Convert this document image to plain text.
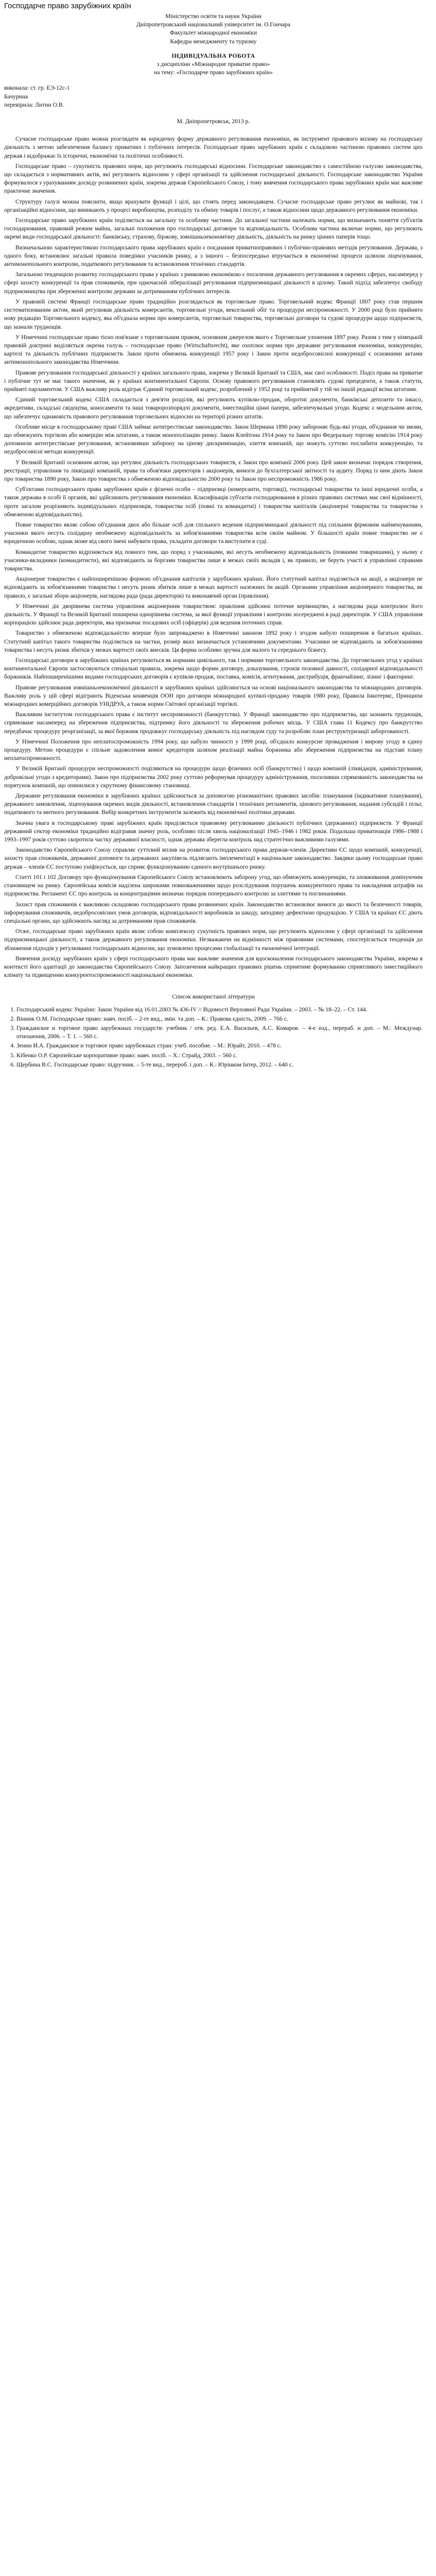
Господарче право зарубіжних країн

Міністерство освіти та науки України

Дніпропетровський національний університет ім. О.Гончара

Факультет міжнародної економіки

Кафедра менеджменту та туризму

ІНДИВІДУАЛЬНА РОБОТА

з дисципліни «Міжнародне приватне право»

на тему: «Господарче право зарубіжних країн»

виконала: ст. гр. ЕЭ-12с-1

Бачурина

перевірила: Литин О.В.

М. Дніпропетровськ, 2013 р.

Сучасне господарське право можна розглядати як юридичну форму державного регулювання економіки, як інструмент правового впливу на господарську діяльність з метою забезпечення балансу приватних і публічних інтересів. Господарське право зарубіжних країн є складовою частиною правових систем цих держав і відображає їх історичні, економічні та політичні особливості.

Господарське право – сукупність правових норм, що регулюють господарські відносини. Господарське законодавство є самостійною галуззю законодавства, що складається з нормативних актів, які регулюють відносини у сфері організації та здійснення господарської діяльності. Господарське законодавство України формувалося з урахуванням досвіду розвинених країн, зокрема держав Європейського Союзу, і тому вивчення господарського права зарубіжних країн має важливе практичне значення.

Структуру галузі можна пояснити, якщо врахувати функції і цілі, що стоять перед законодавцем. Сучасне господарське право регулює як майнові, так і організаційні відносини, що виникають у процесі виробництва, розподілу та обміну товарів і послуг, а також відносини щодо державного регулювання економіки.

Господарське право зарубіжних країн поділяється на загальну та особливу частини. До загальної частини належать норми, що визначають поняття суб'єктів господарювання, правовий режим майна, загальні положення про господарські договори та відповідальність. Особлива частина включає норми, що регулюють окремі види господарської діяльності: банківську, страхову, біржову, зовнішньоекономічну діяльність, діяльність на ринку цінних паперів тощо.

Визначальною характеристикою господарського права зарубіжних країн є поєднання приватноправових і публічно-правових методів регулювання. Держава, з одного боку, встановлює загальні правила поведінки учасників ринку, а з іншого – безпосередньо втручається в економічні процеси шляхом ліцензування, антимонопольного контролю, податкового регулювання та встановлення технічних стандартів.

Загальною тенденцією розвитку господарського права у країнах з ринковою економікою є посилення державного регулювання в окремих сферах, насамперед у сфері захисту конкуренції та прав споживачів, при одночасній лібералізації регулювання підприємницької діяльності в цілому. Такий підхід забезпечує свободу підприємництва при збереженні контролю держави за дотриманням публічних інтересів.

У правовій системі Франції господарське право традиційно розглядається як торговельне право. Торговельний кодекс Франції 1807 року став першим систематизованим актом, який регулював діяльність комерсантів, торговельні угоди, вексельний обіг та процедури неспроможності. У 2000 році було прийнято нову редакцію Торговельного кодексу, яка об'єднала норми про комерсантів, торговельні товариства, торговельні договори та судові процедури щодо підприємств, що зазнали труднощів.

У Німеччині господарське право тісно пов'язане з торговельним правом, основним джерелом якого є Торговельне уложення 1897 року. Разом з тим у німецькій правовій доктрині виділяється окрема галузь – господарське право (Wirtschaftsrecht), яке охоплює норми про державне регулювання економіки, конкуренцію, картелі та діяльність публічних підприємств. Закон проти обмежень конкуренції 1957 року і Закон проти недобросовісної конкуренції є основними актами антимонопольного законодавства Німеччини.

Правове регулювання господарської діяльності у країнах загального права, зокрема у Великій Британії та США, має свої особливості. Поділ права на приватне і публічне тут не має такого значення, як у країнах континентальної Європи. Основу правового регулювання становлять судові прецеденти, а також статути, прийняті парламентом. У США важливу роль відіграє Єдиний торговельний кодекс, розроблений у 1952 році та прийнятий у тій чи іншій редакції всіма штатами.

Єдиний торговельний кодекс США складається з дев'яти розділів, які регулюють купівлю-продаж, оборотні документи, банківські депозити та інкасо, акредитиви, складські свідоцтва, коносаменти та інші товаророзпорядчі документи, інвестиційні цінні папери, забезпечувальні угоди. Кодекс є модельним актом, що забезпечує однаковість правового регулювання торговельних відносин на території різних штатів.

Особливе місце в господарському праві США займає антитрестівське законодавство. Закон Шермана 1890 року забороняє будь-які угоди, об'єднання чи змови, що обмежують торгівлю або комерцію між штатами, а також монополізацію ринку. Закон Клейтона 1914 року та Закон про Федеральну торгову комісію 1914 року доповнили антитрестівське регулювання, встановивши заборону на цінову дискримінацію, злиття компаній, що можуть суттєво послабити конкуренцію, та недобросовісні методи конкуренції.

У Великій Британії основним актом, що регулює діяльність господарських товариств, є Закон про компанії 2006 року. Цей закон визначає порядок створення, реєстрації, управління та ліквідації компаній, права та обов'язки директорів і акціонерів, вимоги до бухгалтерської звітності та аудиту. Поряд із ним діють Закон про товариства 1890 року, Закон про товариства з обмеженою відповідальністю 2000 року та Закон про неспроможність 1986 року.

Суб'єктами господарського права зарубіжних країн є фізичні особи – підприємці (комерсанти, торговці), господарські товариства та інші юридичні особи, а також держава в особі її органів, які здійснюють регулювання економіки. Класифікація суб'єктів господарювання в різних правових системах має свої відмінності, проте загалом розрізняють індивідуальних підприємців, товариства осіб (повні та командитні) і товариства капіталів (акціонерні товариства та товариства з обмеженою відповідальністю).

Повне товариство являє собою об'єднання двох або більше осіб для спільного ведення підприємницької діяльності під спільним фірмовим найменуванням, учасники якого несуть солідарну необмежену відповідальність за зобов'язаннями товариства всім своїм майном. У більшості країн повне товариство не є юридичною особою, однак може від свого імені набувати права, укладати договори та виступати в суді.

Командитне товариство відрізняється від повного тим, що поряд з учасниками, які несуть необмежену відповідальність (повними товаришами), у ньому є учасники-вкладники (командитисти), які відповідають за боргами товариства лише в межах своїх вкладів і, як правило, не беруть участі в управлінні справами товариства.

Акціонерне товариство є найпоширенішою формою об'єднання капіталів у зарубіжних країнах. Його статутний капітал поділяється на акції, а акціонери не відповідають за зобов'язаннями товариства і несуть ризик збитків лише в межах вартості належних їм акцій. Органами управління акціонерного товариства, як правило, є загальні збори акціонерів, наглядова рада (рада директорів) та виконавчий орган (правління).

У Німеччині діє дворівнева система управління акціонерним товариством: правління здійснює поточне керівництво, а наглядова рада контролює його діяльність. У Франції та Великій Британії поширена однорівнева система, за якої функції управління і контролю зосереджені в раді директорів. У США управління корпорацією здійснює рада директорів, яка призначає посадових осіб (офіцерів) для ведення поточних справ.

Товариство з обмеженою відповідальністю вперше було запроваджено в Німеччині законом 1892 року і згодом набуло поширення в багатьох країнах. Статутний капітал такого товариства поділяється на частки, розмір яких визначається установчими документами. Учасники не відповідають за зобов'язаннями товариства і несуть ризик збитків у межах вартості своїх внесків. Ця форма особливо зручна для малого та середнього бізнесу.

Господарські договори в зарубіжних країнах регулюються як нормами цивільного, так і нормами торговельного законодавства. До торговельних угод у країнах континентальної Європи застосовуються спеціальні правила, зокрема щодо форми договору, доказування, строків позовної давності, солідарної відповідальності боржників. Найпоширенішими видами господарських договорів є купівля-продаж, поставка, комісія, агентування, дистрибуція, франчайзинг, лізинг і факторинг.

Правове регулювання зовнішньоекономічної діяльності в зарубіжних країнах здійснюється на основі національного законодавства та міжнародних договорів. Важливу роль у цій сфері відіграють Віденська конвенція ООН про договори міжнародної купівлі-продажу товарів 1980 року, Правила Інкотермс, Принципи міжнародних комерційних договорів УНІДРУА, а також норми Світової організації торгівлі.

Важливим інститутом господарського права є інститут неспроможності (банкрутства). У Франції законодавство про підприємства, що зазнають труднощів, спрямоване насамперед на збереження підприємства, підтримку його діяльності та збереження робочих місць. У США глава 11 Кодексу про банкрутство передбачає процедуру реорганізації, за якої боржник продовжує господарську діяльність під наглядом суду та розробляє план реструктуризації заборгованості.

У Німеччині Положення про неплатоспроможність 1994 року, що набуло чинності у 1999 році, об'єднало конкурсне провадження і мирову угоду в єдину процедуру. Метою процедури є спільне задоволення вимог кредиторів шляхом реалізації майна боржника або збереження підприємства на підставі плану неплатоспроможності.

У Великій Британії процедури неспроможності поділяються на процедури щодо фізичних осіб (банкрутство) і щодо компаній (ліквідація, адміністрування, добровільні угоди з кредиторами). Закон про підприємства 2002 року суттєво реформував процедуру адміністрування, посиливши спрямованість законодавства на порятунок компаній, що опинилися у скрутному фінансовому становищі.

Державне регулювання економіки в зарубіжних країнах здійснюється за допомогою різноманітних правових засобів: планування (індикативне планування), державного замовлення, ліцензування окремих видів діяльності, встановлення стандартів і технічних регламентів, цінового регулювання, надання субсидій і пільг, податкового та митного регулювання. Вибір конкретних інструментів залежить від економічної політики держави.

Значна увага в господарському праві зарубіжних країн приділяється правовому регулюванню діяльності публічних (державних) підприємств. У Франції державний сектор економіки традиційно відігравав значну роль, особливо після хвиль націоналізації 1945–1946 і 1982 років. Подальша приватизація 1986–1988 і 1993–1997 років суттєво скоротила частку державної власності, однак держава зберегла контроль над стратегічно важливими галузями.

Законодавство Європейського Союзу справляє суттєвий вплив на розвиток господарського права держав-членів. Директиви ЄС щодо компаній, конкуренції, захисту прав споживачів, державної допомоги та державних закупівель підлягають імплементації в національне законодавство. Завдяки цьому господарське право держав – членів ЄС поступово уніфікується, що сприяє функціонуванню єдиного внутрішнього ринку.

Статті 101 і 102 Договору про функціонування Європейського Союзу встановлюють заборону угод, що обмежують конкуренцію, та зловживання домінуючим становищем на ринку. Європейська комісія наділена широкими повноваженнями щодо розслідування порушень конкурентного права та накладення штрафів на підприємства. Регламент ЄС про контроль за концентраціями визначає порядок попереднього контролю за злиттями та поглинаннями.

Захист прав споживачів є важливою складовою господарського права розвинених країн. Законодавство встановлює вимоги до якості та безпечності товарів, інформування споживачів, недобросовісних умов договорів, відповідальності виробників за шкоду, заподіяну дефектною продукцією. У США та країнах ЄС діють спеціальні органи, що здійснюють нагляд за дотриманням прав споживачів.

Отже, господарське право зарубіжних країн являє собою комплексну сукупність правових норм, що регулюють відносини у сфері організації та здійснення підприємницької діяльності, а також державного регулювання економіки. Незважаючи на відмінності між правовими системами, спостерігається тенденція до зближення підходів у регулюванні господарських відносин, що зумовлено процесами глобалізації та економічної інтеграції.

Вивчення досвіду зарубіжних країн у сфері господарського права має важливе значення для вдосконалення господарського законодавства України, зокрема в контексті його адаптації до законодавства Європейського Союзу. Запозичення найкращих правових рішень сприятиме формуванню сприятливого інвестиційного клімату та підвищенню конкурентоспроможності національної економіки.

Список використаної літератури

1. Господарський кодекс України: Закон України від 16.01.2003 № 436-IV // Відомості Верховної Ради України. – 2003. – № 18–22. – Ст. 144.
2. Вінник О.М. Господарське право: навч. посіб. – 2-ге вид., змін. та доп. – К.: Правова єдність, 2009. – 766 с.
3. Гражданское и торговое право зарубежных государств: учебник / отв. ред. Е.А. Васильев, А.С. Комаров. – 4-е изд., перераб. и доп. – М.: Междунар. отношения, 2006. – Т. 1. – 560 с.
4. Зенин И.А. Гражданское и торговое право зарубежных стран: учеб. пособие. – М.: Юрайт, 2010. – 478 с.
5. Кібенко О.Р. Європейське корпоративне право: навч. посіб. – Х.: Страйд, 2003. – 560 с.
6. Щербина В.С. Господарське право: підручник. – 5-те вид., перероб. і доп. – К.: Юрінком Інтер, 2012. – 640 с.
